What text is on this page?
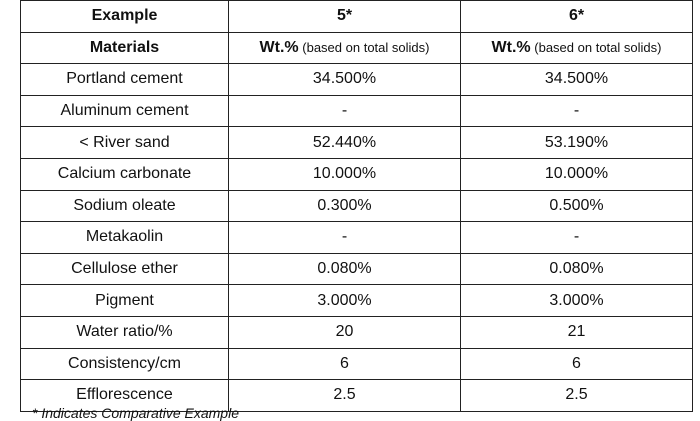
Example	5*	6*
Materials	Wt.% (based on total solids)	Wt.% (based on total solids)
Portland cement	34.500%	34.500%
Aluminum cement	-	-
< River sand	52.440%	53.190%
Calcium carbonate	10.000%	10.000%
Sodium oleate	0.300%	0.500%
Metakaolin	-	-
Cellulose ether	0.080%	0.080%
Pigment	3.000%	3.000%
Water ratio/%	20	21
Consistency/cm	6	6
Efflorescence	2.5	2.5
* Indicates Comparative Example
